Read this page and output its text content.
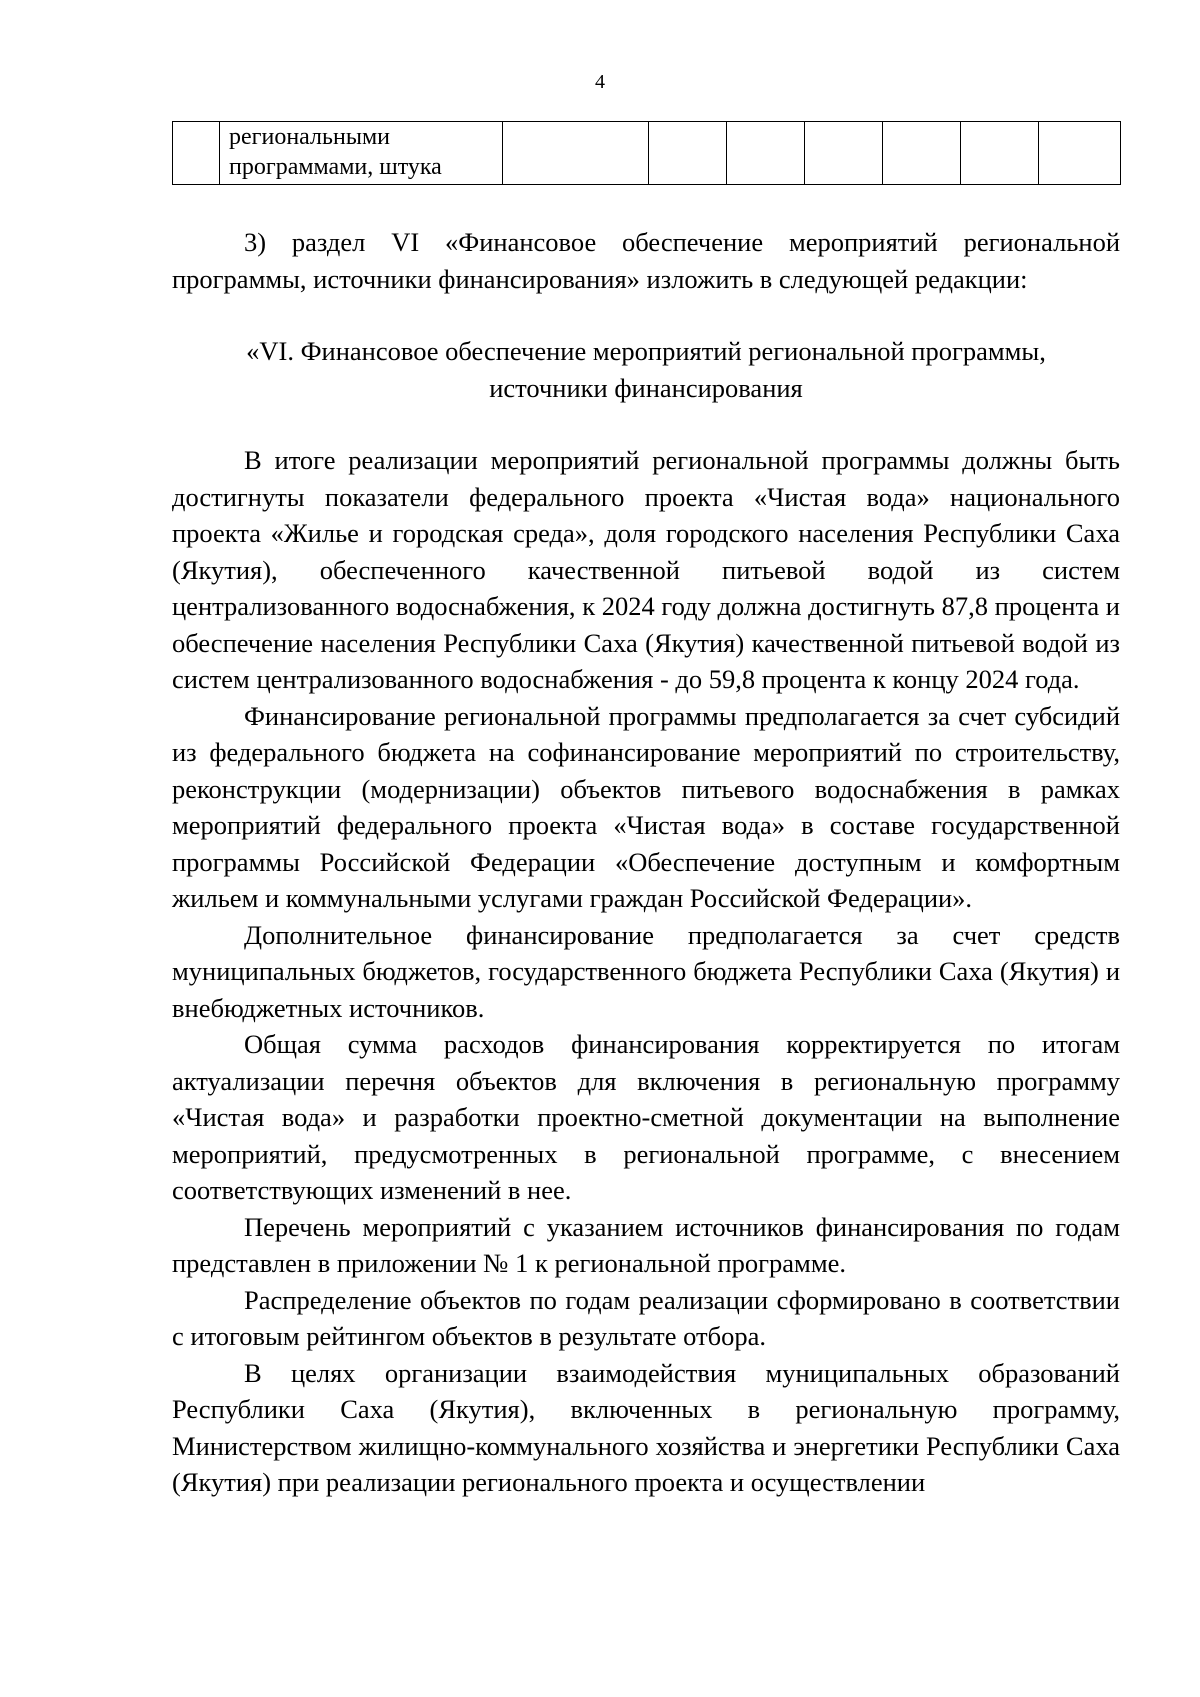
4

региональными
программами, штука

3) раздел VI «Финансовое обеспечение мероприятий региональной программы, источники финансирования» изложить в следующей редакции:

«VI. Финансовое обеспечение мероприятий региональной программы,
источники финансирования

В итоге реализации мероприятий региональной программы должны быть достигнуты показатели федерального проекта «Чистая вода» национального проекта «Жилье и городская среда», доля городского населения Республики Саха (Якутия), обеспеченного качественной питьевой водой из систем централизованного водоснабжения, к 2024 году должна достигнуть 87,8 процента и обеспечение населения Республики Саха (Якутия) качественной питьевой водой из систем централизованного водоснабжения - до 59,8 процента к концу 2024 года.

Финансирование региональной программы предполагается за счет субсидий из федерального бюджета на софинансирование мероприятий по строительству, реконструкции (модернизации) объектов питьевого водоснабжения в рамках мероприятий федерального проекта «Чистая вода» в составе государственной программы Российской Федерации «Обеспечение доступным и комфортным жильем и коммунальными услугами граждан Российской Федерации».

Дополнительное финансирование предполагается за счет средств муниципальных бюджетов, государственного бюджета Республики Саха (Якутия) и внебюджетных источников.

Общая сумма расходов финансирования корректируется по итогам актуализации перечня объектов для включения в региональную программу «Чистая вода» и разработки проектно-сметной документации на выполнение мероприятий, предусмотренных в региональной программе, с внесением соответствующих изменений в нее.

Перечень мероприятий с указанием источников финансирования по годам представлен в приложении № 1 к региональной программе.

Распределение объектов по годам реализации сформировано в соответствии с итоговым рейтингом объектов в результате отбора.

В целях организации взаимодействия муниципальных образований Республики Саха (Якутия), включенных в региональную программу, Министерством жилищно-коммунального хозяйства и энергетики Республики Саха (Якутия) при реализации регионального проекта и осуществлении
